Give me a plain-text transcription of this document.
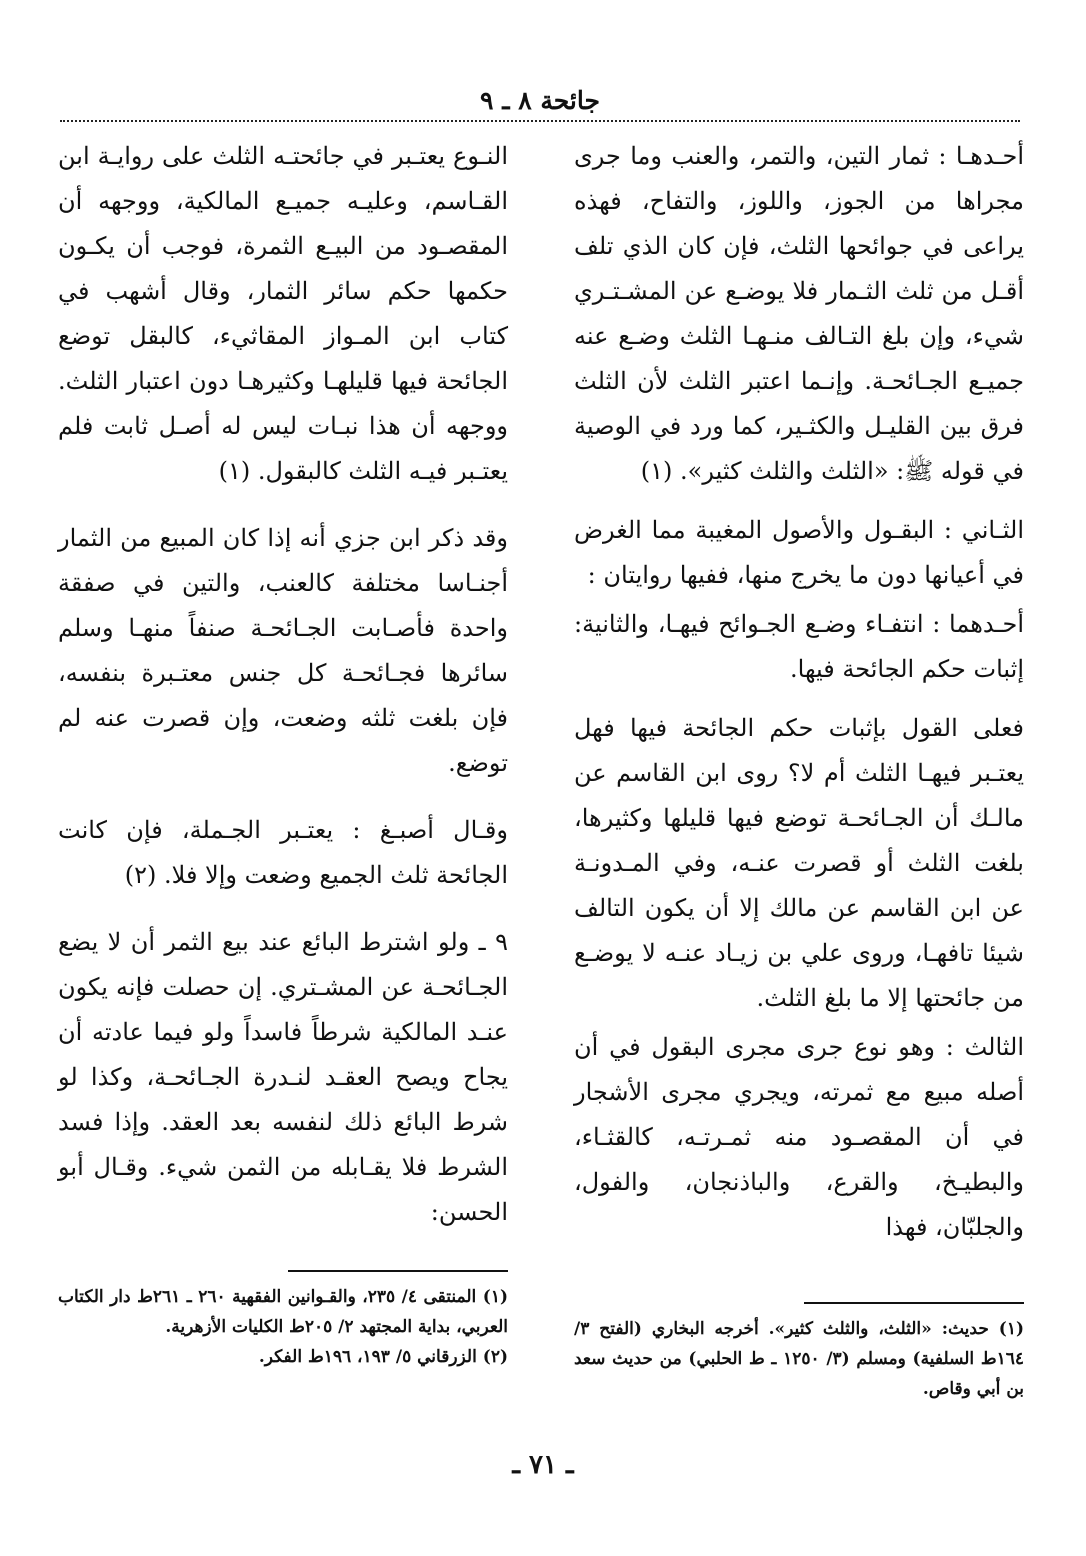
جائحة ٨ ـ ٩

أحـدهـا : ثمار التين، والتمر، والعنب وما جرى مجراها من الجوز، واللوز، والتفاح، فهذه يراعى في جوائحها الثلث، فإن كان الذي تلف أقـل من ثلث الثـمار فلا يوضـع عن المشـتـري شيء، وإن بلغ التـالف منـهـا الثلث وضـع عنه جميـع الجـائحـة. وإنـما اعتبر الثلث لأن الثلث فرق بين القليـل والكثـير، كما ورد في الوصية في قوله ﷺ: «الثلث والثلث كثير». (١)

الثـاني : البقـول والأصول المغيبة مما الغرض في أعيانها دون ما يخرج منها، ففيها روايتان :

أحـدهما : انتفـاء وضـع الجـوائح فيهـا، والثانية: إثبات حكم الجائحة فيها.

فعلى القول بإثبات حكم الجائحة فيها فهل يعتـبر فيهـا الثلث أم لا؟ روى ابن القاسم عن مالـك أن الجـائحـة توضع فيها قليلها وكثيرها، بلغت الثلث أو قصرت عنـه، وفي المـدونـة عن ابن القاسم عن مالك إلا أن يكون التالف شيئا تافهـا، وروى علي بن زيـاد عنـه لا يوضـع من جائحتها إلا ما بلغ الثلث.

الثالث : وهو نوع جرى مجرى البقول في أن أصله مبيع مع ثمرته، ويجري مجرى الأشجار في أن المقصـود منه ثمـرتـه، كالقثـاء، والبطيـخ، والقرع، والباذنجان، والفول، والجلبّان، فهذا

(١) حديث: «الثلث، والثلث كثير». أخرجه البخاري (الفتح ٣/ ١٦٤ط السلفية) ومسلم (٣/ ١٢٥٠ ـ ط الحلبي) من حديث سعد بن أبي وقاص.

النـوع يعتـبر في جائحتـه الثلث على روايـة ابن القـاسم، وعليـه جميـع المالكية، ووجهه أن المقصـود من البيـع الثمرة، فوجب أن يكـون حكمها حكم سائر الثمار، وقال أشهب في كتاب ابن المـواز المقاثيء، كالبقل توضع الجائحة فيها قليلهـا وكثيرهـا دون اعتبار الثلث. ووجهه أن هذا نبـات ليس له أصـل ثابت فلم يعتـبر فيـه الثلث كالبقول. (١)

وقد ذكر ابن جزي أنه إذا كان المبيع من الثمار أجنـاسا مختلفة كالعنب، والتين في صفقة واحدة فأصـابت الجـائحـة صنفاً منهـا وسلم سائرها فجـائحـة كل جنس معتـبرة بنفسه، فإن بلغت ثلثه وضعت، وإن قصرت عنه لم توضع.

وقـال أصبـغ : يعتـبر الجـملة، فإن كانت الجائحة ثلث الجميع وضعت وإلا فلا. (٢)

٩ ـ ولو اشترط البائع عند بيع الثمر أن لا يضع الجـائحـة عن المشـتري. إن حصلت فإنه يكون عنـد المالكية شرطاً فاسداً ولو فيما عادته أن يجاح ويصح العقـد لنـدرة الجـائحـة، وكذا لو شرط البائع ذلك لنفسه بعد العقد. وإذا فسد الشرط فلا يقـابله من الثمن شيء. وقـال أبو الحسن:

(١) المنتقى ٤/ ٢٣٥، والقـوانين الفقهية ٢٦٠ ـ ٢٦١ط دار الكتاب العربي، بداية المجتهد ٢/ ٢٠٥ط الكليات الأزهرية.

(٢) الزرقاني ٥/ ١٩٣، ١٩٦ط الفكر.

ـ ٧١ ـ
